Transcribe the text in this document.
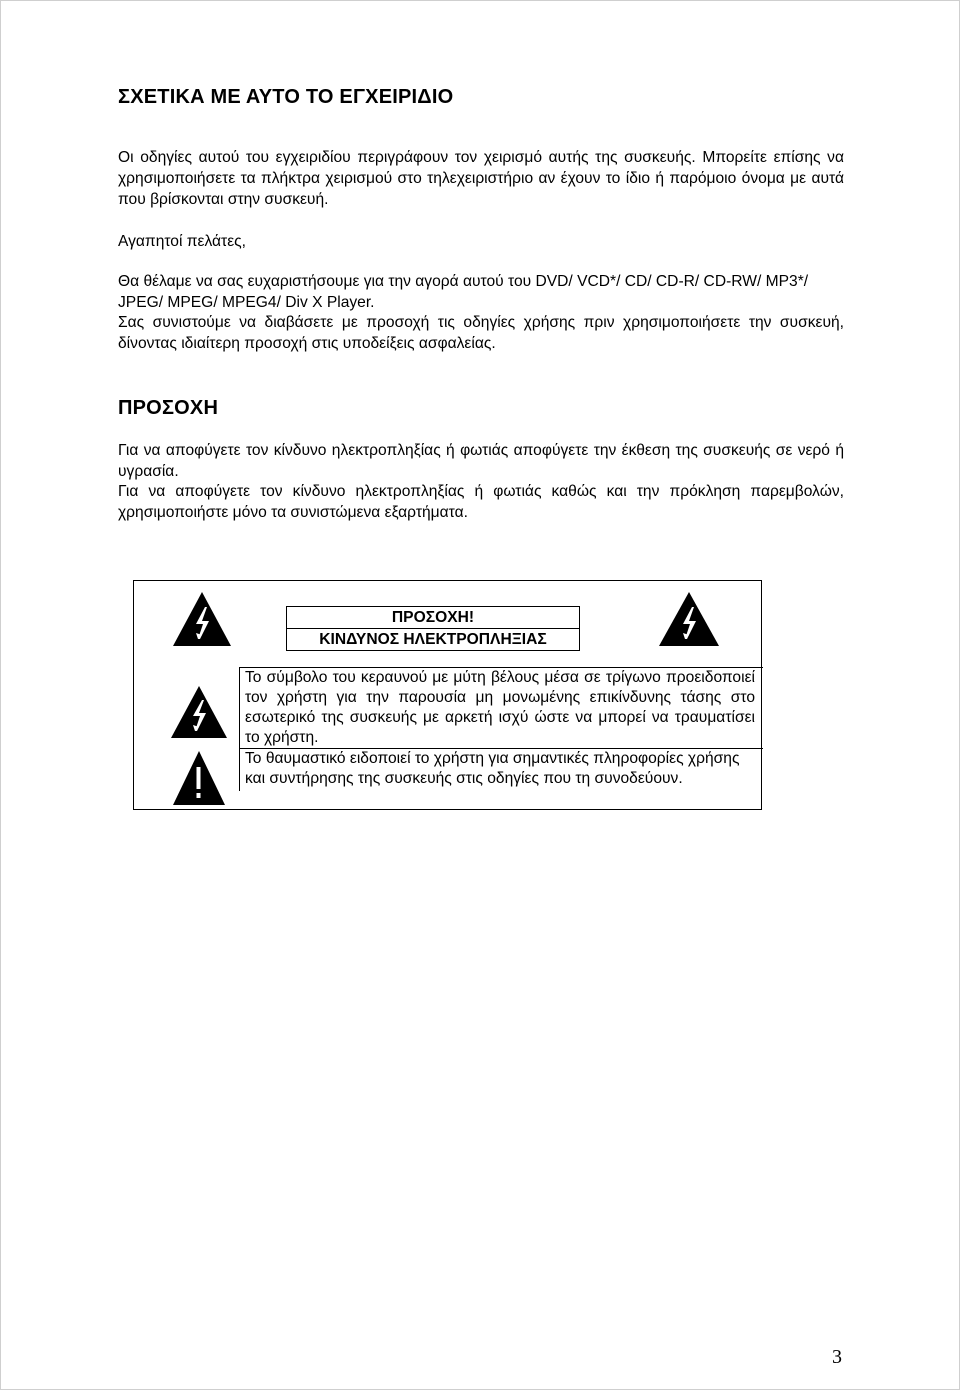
ΣΧΕΤΙΚΑ ΜΕ ΑΥΤΟ ΤΟ ΕΓΧΕΙΡΙΔΙΟ

Οι οδηγίες αυτού του εγχειριδίου περιγράφουν τον χειρισμό αυτής της συσκευής. Μπορείτε επίσης να χρησιμοποιήσετε τα πλήκτρα χειρισμού στο τηλεχειριστήριο αν έχουν το ίδιο ή παρόμοιο όνομα με αυτά που βρίσκονται στην συσκευή.

Αγαπητοί πελάτες,

Θα θέλαμε να σας ευχαριστήσουμε για την αγορά αυτού του DVD/ VCD*/ CD/ CD-R/ CD-RW/ MP3*/ JPEG/ MPEG/ MPEG4/ Div X Player.

Σας συνιστούμε να διαβάσετε με προσοχή τις οδηγίες χρήσης πριν χρησιμοποιήσετε την συσκευή, δίνοντας ιδιαίτερη προσοχή στις υποδείξεις ασφαλείας.

ΠΡΟΣΟΧΗ

Για να αποφύγετε τον κίνδυνο ηλεκτροπληξίας ή φωτιάς αποφύγετε την έκθεση της συσκευής σε νερό ή υγρασία.

Για να αποφύγετε τον κίνδυνο ηλεκτροπληξίας ή φωτιάς καθώς και την πρόκληση παρεμβολών, χρησιμοποιήστε μόνο τα συνιστώμενα εξαρτήματα.

ΠΡΟΣΟΧΗ!
ΚΙΝΔΥΝΟΣ ΗΛΕΚΤΡΟΠΛΗΞΙΑΣ

Το σύμβολο του κεραυνού με μύτη βέλους μέσα σε τρίγωνο προειδοποιεί τον χρήστη για την παρουσία μη μονωμένης επικίνδυνης τάσης στο εσωτερικό της συσκευής με αρκετή ισχύ ώστε να μπορεί να τραυματίσει το χρήστη.

Το θαυμαστικό ειδοποιεί το χρήστη για σημαντικές πληροφορίες χρήσης και συντήρησης της συσκευής στις οδηγίες που τη συνοδεύουν.

3
